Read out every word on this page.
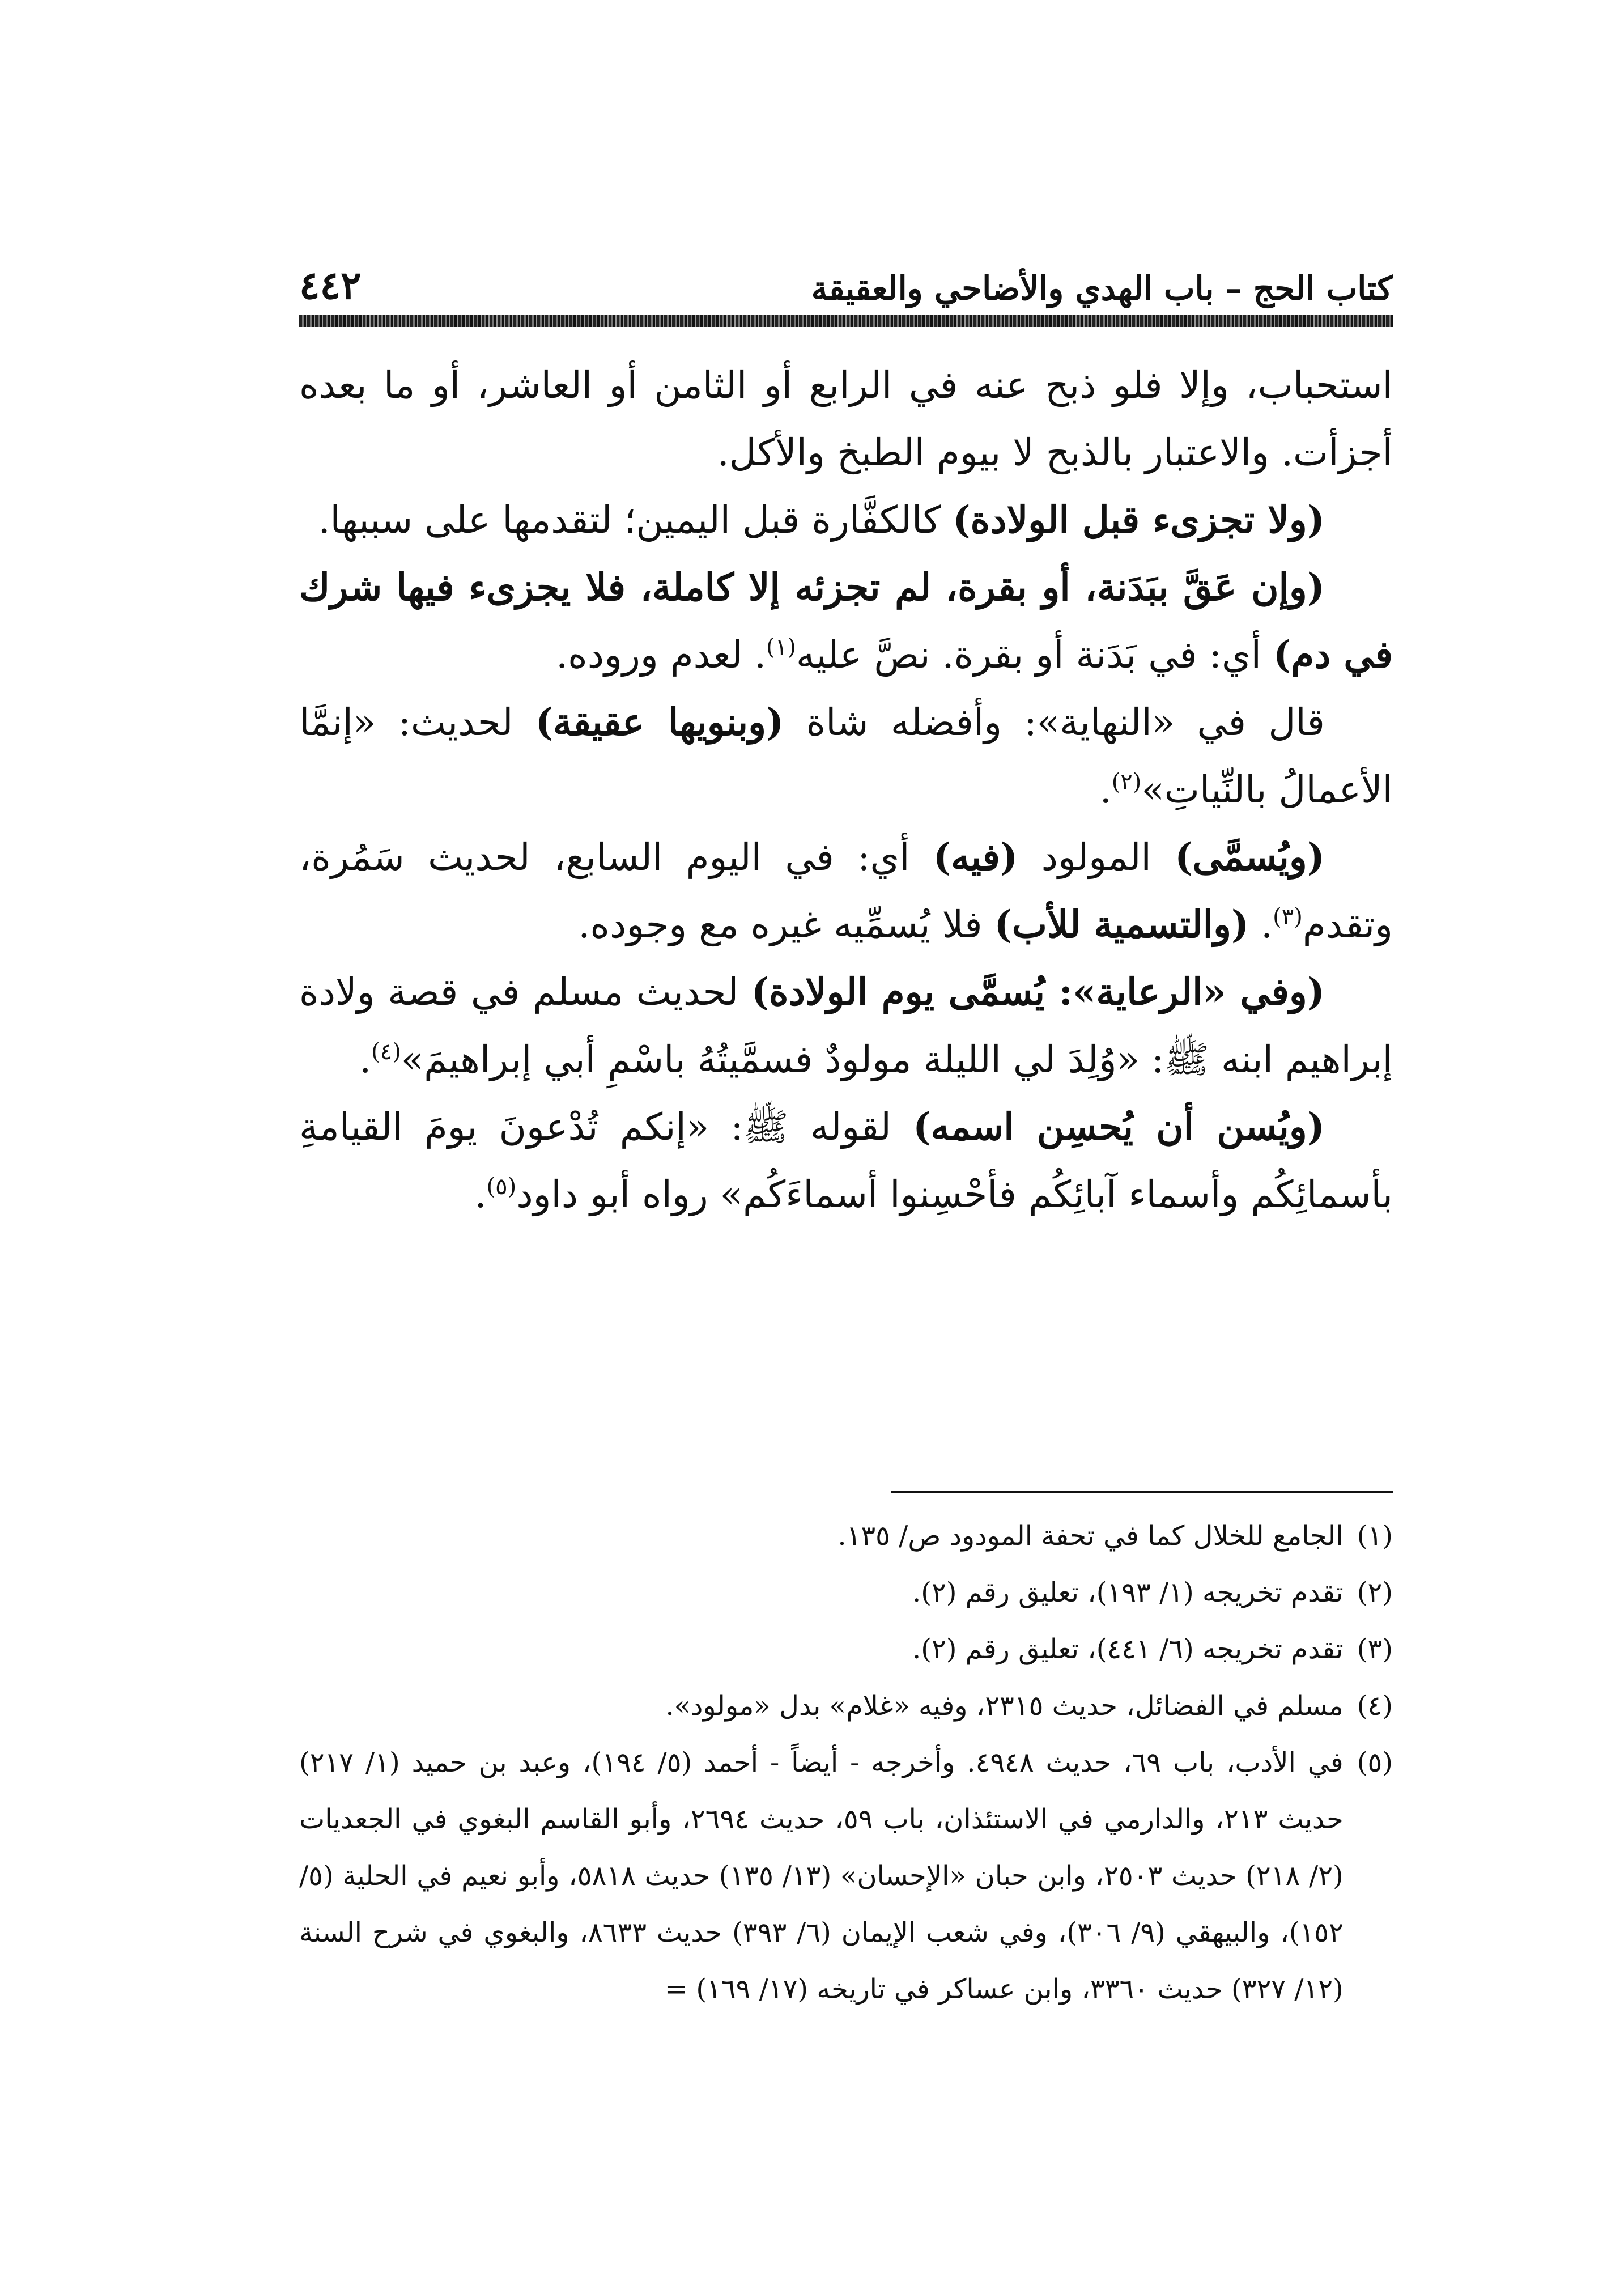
٤٤٢	كتاب الحج – باب الهدي والأضاحي والعقيقة

استحباب، وإلا فلو ذبح عنه في الرابع أو الثامن أو العاشر، أو ما بعده أجزأت. والاعتبار بالذبح لا بيوم الطبخ والأكل.

(ولا تجزىء قبل الولادة) كالكفَّارة قبل اليمين؛ لتقدمها على سببها.

(وإن عَقَّ ببَدَنة، أو بقرة، لم تجزئه إلا كاملة، فلا يجزىء فيها شرك في دم) أي: في بَدَنة أو بقرة. نصَّ عليه$^{(١)}$. لعدم وروده.

قال في «النهاية»: وأفضله شاة (وبنويها عقيقة) لحديث: «إنمَّا الأعمالُ بالنِّياتِ»$^{(٢)}$.

(ويُسمَّى) المولود (فيه) أي: في اليوم السابع، لحديث سَمُرة، وتقدم$^{(٣)}$. (والتسمية للأب) فلا يُسمِّيه غيره مع وجوده.

(وفي «الرعاية»: يُسمَّى يوم الولادة) لحديث مسلم في قصة ولادة إبراهيم ابنه ﷺ: «وُلِدَ لي الليلة مولودٌ فسمَّيتُهُ باسْمِ أبي إبراهيمَ»$^{(٤)}$.

(ويُسن أن يُحسِن اسمه) لقوله ﷺ: «إنكم تُدْعونَ يومَ القيامةِ بأسمائِكُم وأسماء آبائِكُم فأحْسِنوا أسماءَكُم» رواه أبو داود$^{(٥)}$.

(١)
الجامع للخلال كما في تحفة المودود ص/ ١٣٥.
(٢)
تقدم تخريجه (١/ ١٩٣)، تعليق رقم (٢).
(٣)
تقدم تخريجه (٦/ ٤٤١)، تعليق رقم (٢).
(٤)
مسلم في الفضائل، حديث ٢٣١٥، وفيه «غلام» بدل «مولود».
(٥)
في الأدب، باب ٦٩، حديث ٤٩٤٨. وأخرجه - أيضاً - أحمد (٥/ ١٩٤)، وعبد بن حميد (١/ ٢١٧) حديث ٢١٣، والدارمي في الاستئذان، باب ٥٩، حديث ٢٦٩٤، وأبو القاسم البغوي في الجعديات (٢/ ٢١٨) حديث ٢٥٠٣، وابن حبان «الإحسان» (١٣/ ١٣٥) حديث ٥٨١٨، وأبو نعيم في الحلية (٥/ ١٥٢)، والبيهقي (٩/ ٣٠٦)، وفي شعب الإيمان (٦/ ٣٩٣) حديث ٨٦٣٣، والبغوي في شرح السنة (١٢/ ٣٢٧) حديث ٣٣٦٠، وابن عساكر في تاريخه (١٧/ ١٦٩) =
